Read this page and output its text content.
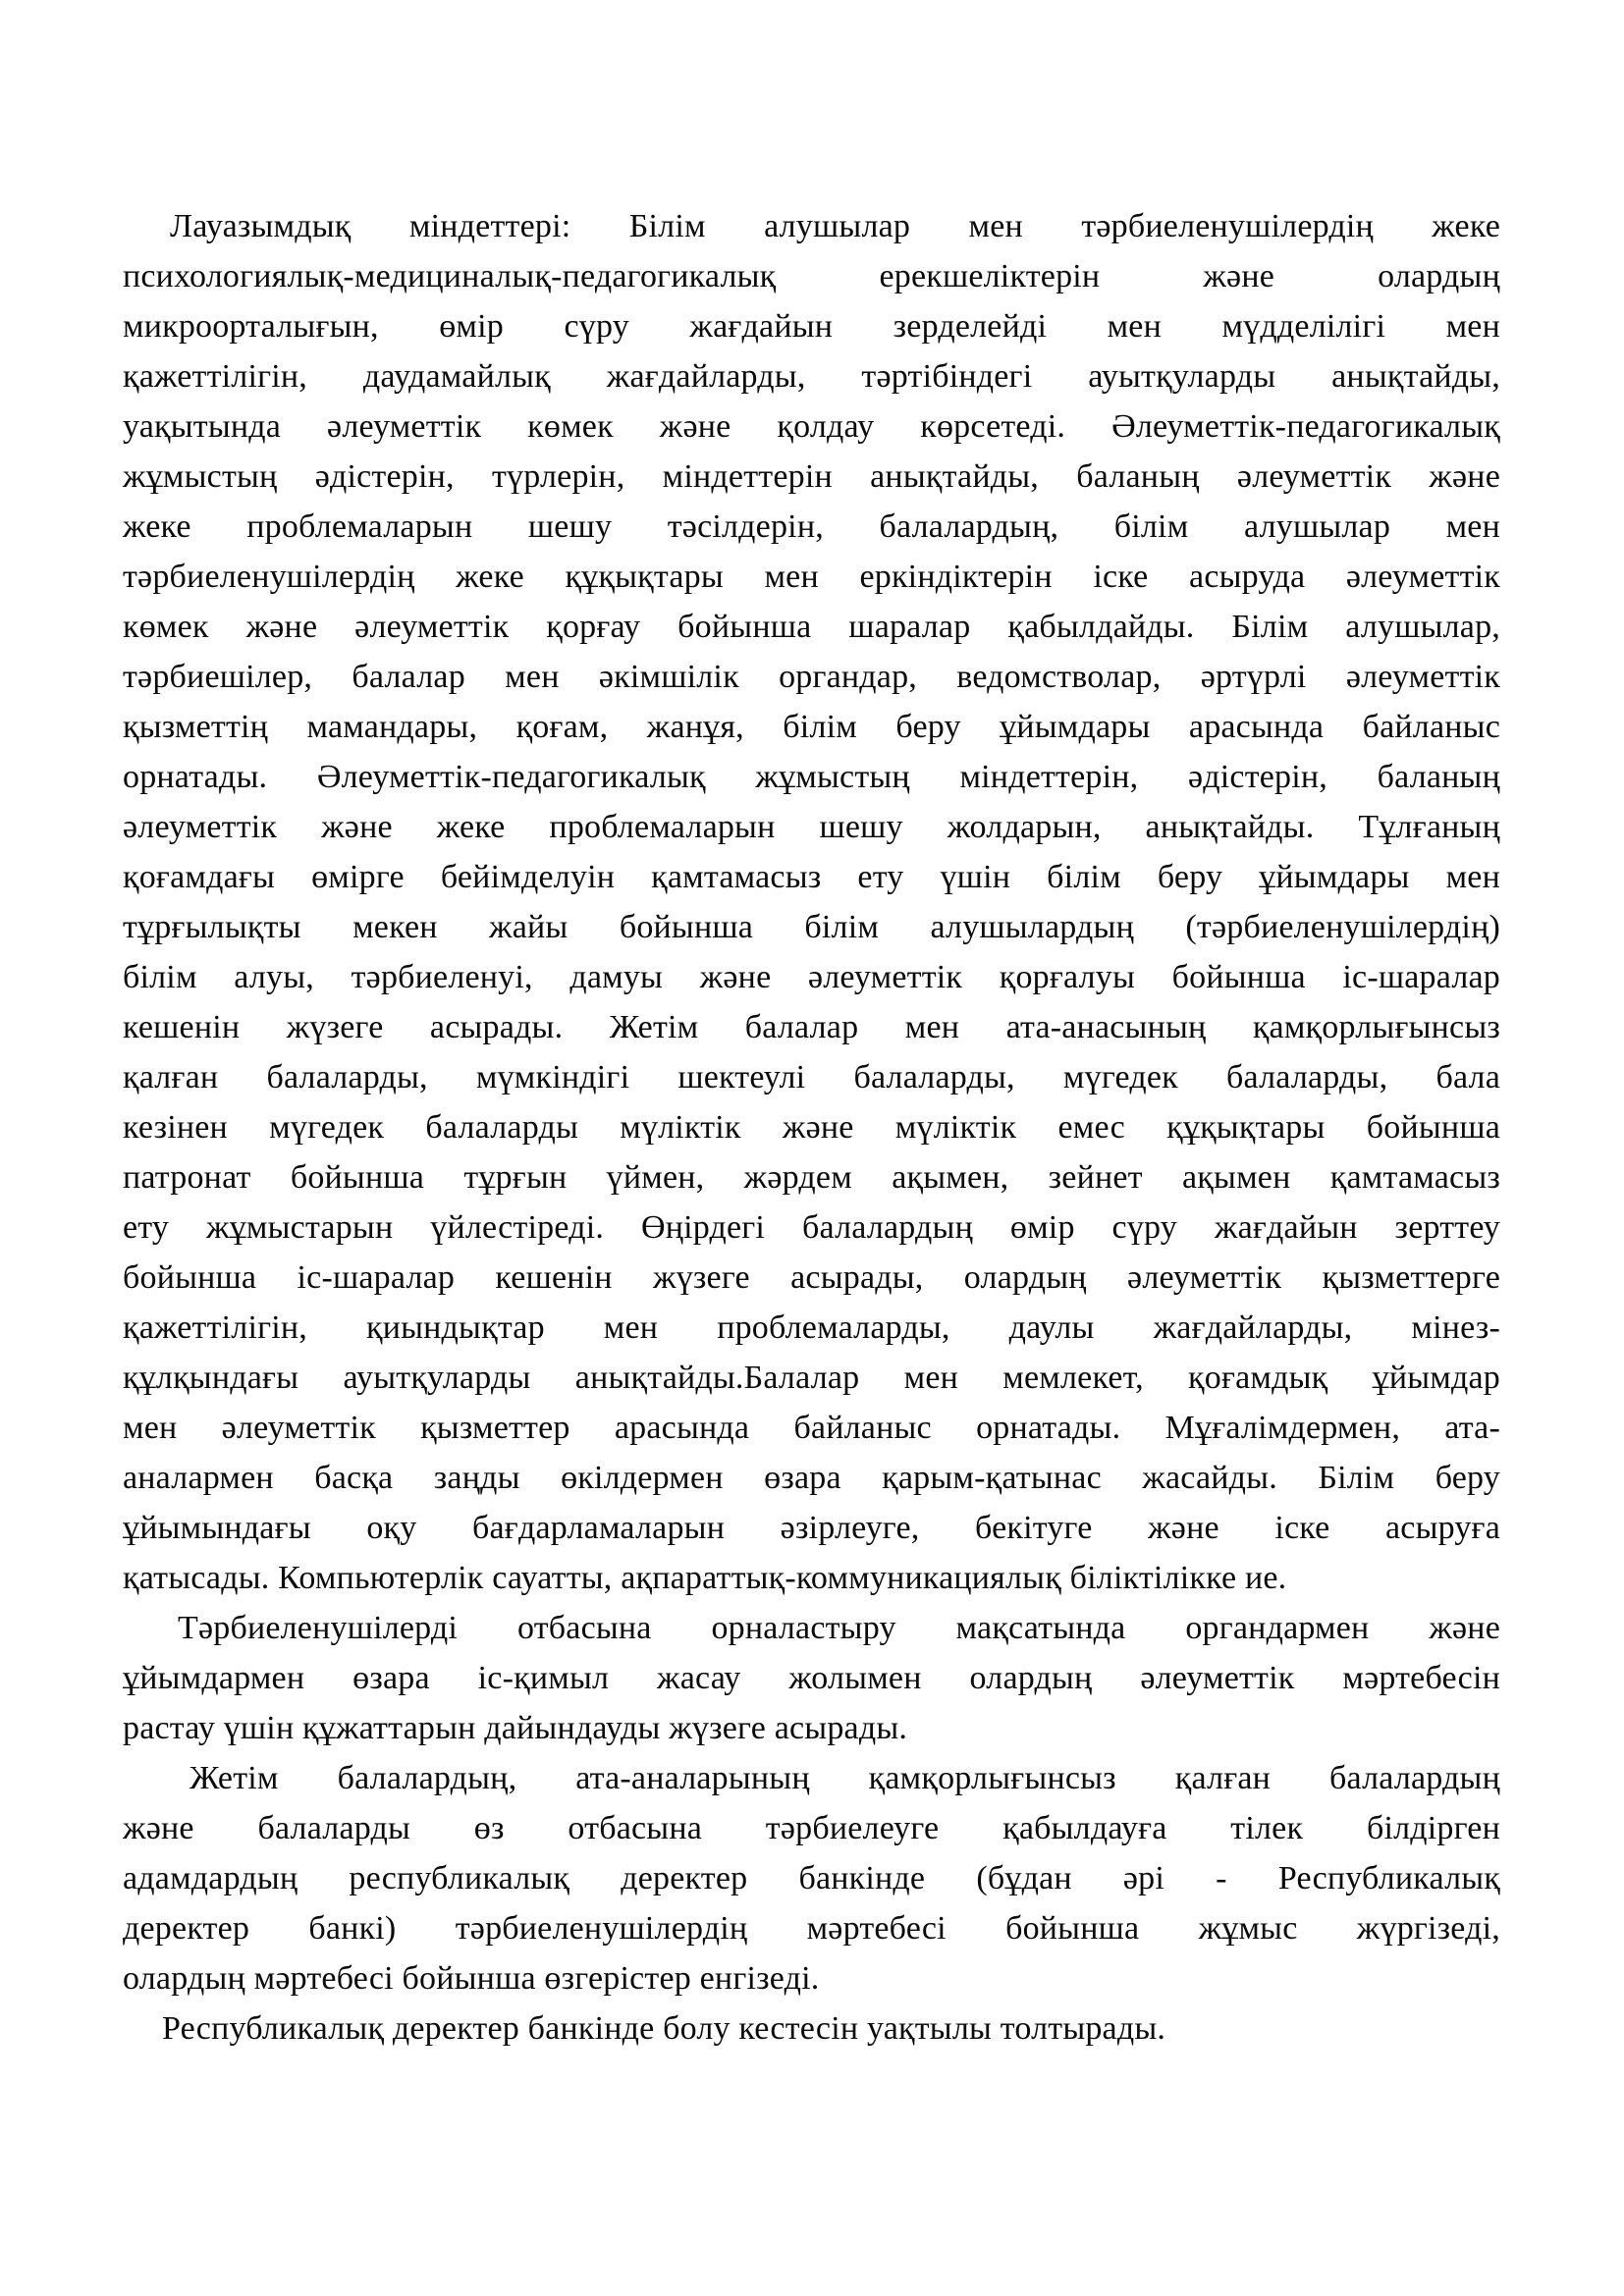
Лауазымдық міндеттері: Білім алушылар мен тәрбиеленушілердің жеке
психологиялық-медициналық-педагогикалық ерекшеліктерін және олардың
микроорталығын, өмір сүру жағдайын зерделейді мен мүдделілігі мен
қажеттілігін, даудамайлық жағдайларды, тәртібіндегі ауытқуларды анықтайды,
уақытында әлеуметтік көмек және қолдау көрсетеді. Әлеуметтік-педагогикалық
жұмыстың әдістерін, түрлерін, міндеттерін анықтайды, баланың әлеуметтік және
жеке проблемаларын шешу тәсілдерін, балалардың, білім алушылар мен
тәрбиеленушілердің жеке құқықтары мен еркіндіктерін іске асыруда әлеуметтік
көмек және әлеуметтік қорғау бойынша шаралар қабылдайды. Білім алушылар,
тәрбиешілер, балалар мен әкімшілік органдар, ведомстволар, әртүрлі әлеуметтік
қызметтің мамандары, қоғам, жанұя, білім беру ұйымдары арасында байланыс
орнатады. Әлеуметтік-педагогикалық жұмыстың міндеттерін, әдістерін, баланың
әлеуметтік және жеке проблемаларын шешу жолдарын, анықтайды. Тұлғаның
қоғамдағы өмірге бейімделуін қамтамасыз ету үшін білім беру ұйымдары мен
тұрғылықты мекен жайы бойынша білім алушылардың (тәрбиеленушілердің)
білім алуы, тәрбиеленуі, дамуы және әлеуметтік қорғалуы бойынша іс-шаралар
кешенін жүзеге асырады. Жетім балалар мен ата-анасының қамқорлығынсыз
қалған балаларды, мүмкіндігі шектеулі балаларды, мүгедек балаларды, бала
кезінен мүгедек балаларды мүліктік және мүліктік емес құқықтары бойынша
патронат бойынша тұрғын үймен, жәрдем ақымен, зейнет ақымен қамтамасыз
ету жұмыстарын үйлестіреді. Өңірдегі балалардың өмір сүру жағдайын зерттеу
бойынша іс-шаралар кешенін жүзеге асырады, олардың әлеуметтік қызметтерге
қажеттілігін, қиындықтар мен проблемаларды, даулы жағдайларды, мінез-
құлқындағы ауытқуларды анықтайды.Балалар мен мемлекет, қоғамдық ұйымдар
мен әлеуметтік қызметтер арасында байланыс орнатады. Мұғалімдермен, ата-
аналармен басқа заңды өкілдермен өзара қарым-қатынас жасайды. Білім беру
ұйымындағы оқу бағдарламаларын әзірлеуге, бекітуге және іске асыруға
қатысады. Компьютерлік сауатты, ақпараттық-коммуникациялық біліктілікке ие.
Тәрбиеленушілерді отбасына орналастыру мақсатында органдармен және
ұйымдармен өзара іс-қимыл жасау жолымен олардың әлеуметтік мәртебесін
растау үшін құжаттарын дайындауды жүзеге асырады.
Жетім балалардың, ата-аналарының қамқорлығынсыз қалған балалардың
және балаларды өз отбасына тәрбиелеуге қабылдауға тілек білдірген
адамдардың республикалық деректер банкінде (бұдан әрі - Республикалық
деректер банкі) тәрбиеленушілердің мәртебесі бойынша жұмыс жүргізеді,
олардың мәртебесі бойынша өзгерістер енгізеді.
Республикалық деректер банкінде болу кестесін уақтылы толтырады.
